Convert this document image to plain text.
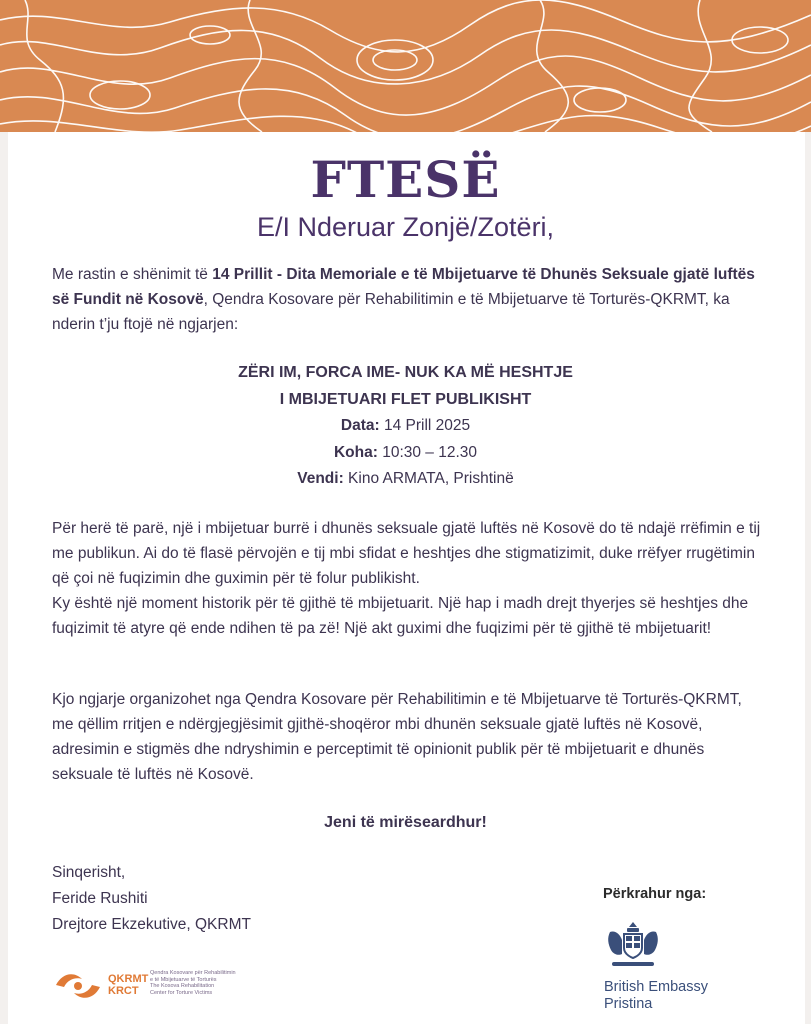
FTESË
E/I Nderuar Zonjë/Zotëri,
Me rastin e shënimit të 14 Prillit - Dita Memoriale e të Mbijetuarve të Dhunës Seksuale gjatë luftës së Fundit në Kosovë, Qendra Kosovare për Rehabilitimin e të Mbijetuarve të Torturës-QKRMT, ka nderin t’ju ftojë në ngjarjen:
ZËRI IM, FORCA IME- NUK KA MË HESHTJE
I MBIJETUARI FLET PUBLIKISHT
Data: 14 Prill 2025
Koha: 10:30 – 12.30
Vendi: Kino ARMATA, Prishtinë
Për herë të parë, një i mbijetuar burrë i dhunës seksuale gjatë luftës në Kosovë do të ndajë rrëfimin e tij me publikun. Ai do të flasë përvojën e tij mbi sfidat e heshtjes dhe stigmatizimit, duke rrëfyer rrugëtimin që çoi në fuqizimin dhe guximin për të folur publikisht.
Ky është një moment historik për të gjithë të mbijetuarit. Një hap i madh drejt thyerjes së heshtjes dhe fuqizimit të atyre që ende ndihen të pa zë! Një akt guximi dhe fuqizimi për të gjithë të mbijetuarit!
Kjo ngjarje organizohet nga Qendra Kosovare për Rehabilitimin e të Mbijetuarve të Torturës-QKRMT, me qëllim rritjen e ndërgjegjësimit gjithë-shoqëror mbi dhunën seksuale gjatë luftës në Kosovë, adresimin e stigmës dhe ndryshimin e perceptimit të opinionit publik për të mbijetuarit e dhunës seksuale të luftës në Kosovë.
Jeni të mirëseardhur!
Sinqerisht,
Feride Rushiti
Drejtore Ekzekutive, QKRMT
Përkrahur nga:
British Embassy
Pristina
QKRMT
KRCT
Qendra Kosovare për Rehabilitimin
e të Mbijetuarve të Torturës
The Kosova Rehabilitation
Center for Torture Victims
